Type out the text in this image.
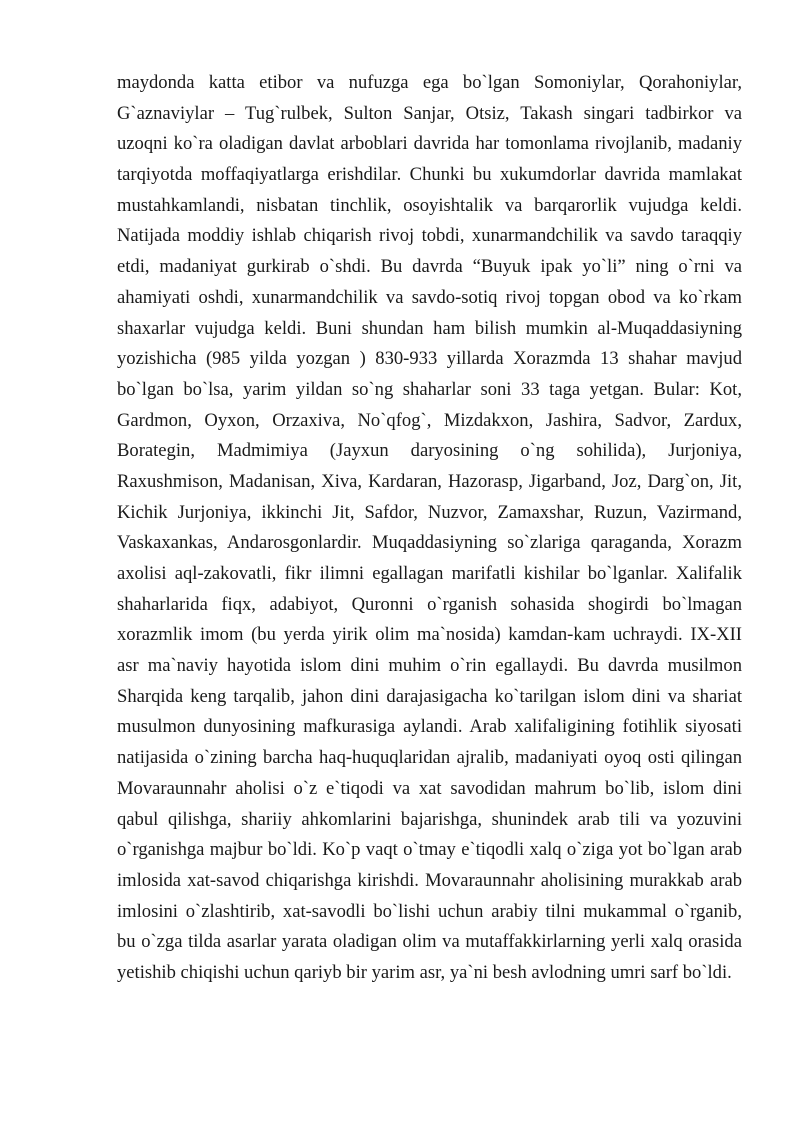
maydonda katta etibor va nufuzga ega bo`lgan Somoniylar, Qorahoniylar,
G`aznaviylar – Tug`rulbek, Sulton Sanjar, Otsiz, Takash singari tadbirkor va
uzoqni ko`ra oladigan davlat arboblari davrida har tomonlama rivojlanib, madaniy
tarqiyotda moffaqiyatlarga erishdilar. Chunki bu xukumdorlar davrida mamlakat
mustahkamlandi, nisbatan tinchlik, osoyishtalik va barqarorlik vujudga keldi.
Natijada moddiy ishlab chiqarish rivoj tobdi, xunarmandchilik va savdo taraqqiy
etdi, madaniyat gurkirab o`shdi. Bu davrda “Buyuk ipak yo`li” ning o`rni va
ahamiyati oshdi, xunarmandchilik va savdo-sotiq rivoj topgan obod va ko`rkam
shaxarlar vujudga keldi. Buni shundan ham bilish mumkin al-Muqaddasiyning
yozishicha (985 yilda yozgan ) 830-933 yillarda Xorazmda 13 shahar mavjud
bo`lgan bo`lsa, yarim yildan so`ng shaharlar soni 33 taga yetgan. Bular: Kot,
Gardmon, Oyxon, Orzaxiva, No`qfog`, Mizdakxon, Jashira, Sadvor, Zardux,
Borategin, Madmimiya (Jayxun daryosining o`ng sohilida), Jurjoniya,
Raxushmison, Madanisan, Xiva, Kardaran, Hazorasp, Jigarband, Joz, Darg`on, Jit,
Kichik Jurjoniya, ikkinchi Jit, Safdor, Nuzvor, Zamaxshar, Ruzun, Vazirmand,
Vaskaxankas, Andarosgonlardir. Muqaddasiyning so`zlariga qaraganda, Xorazm
axolisi aql-zakovatli, fikr ilimni egallagan marifatli kishilar bo`lganlar. Xalifalik
shaharlarida fiqx, adabiyot, Quronni o`rganish sohasida shogirdi bo`lmagan
xorazmlik imom (bu yerda yirik olim ma`nosida) kamdan-kam uchraydi. IX-XII
asr ma`naviy hayotida islom dini muhim o`rin egallaydi. Bu davrda musilmon
Sharqida keng tarqalib, jahon dini darajasigacha ko`tarilgan islom dini va shariat
musulmon dunyosining mafkurasiga aylandi. Arab xalifaligining fotihlik siyosati
natijasida o`zining barcha haq-huquqlaridan ajralib, madaniyati oyoq osti qilingan
Movaraunnahr aholisi o`z e`tiqodi va xat savodidan mahrum bo`lib, islom dini
qabul qilishga, shariiy ahkomlarini bajarishga, shunindek arab tili va yozuvini
o`rganishga majbur bo`ldi. Ko`p vaqt o`tmay e`tiqodli xalq o`ziga yot bo`lgan arab
imlosida xat-savod chiqarishga kirishdi. Movaraunnahr aholisining murakkab arab
imlosini o`zlashtirib, xat-savodli bo`lishi uchun arabiy tilni mukammal o`rganib,
bu o`zga tilda asarlar yarata oladigan olim va mutaffakkirlarning yerli xalq orasida
yetishib chiqishi uchun qariyb bir yarim asr, ya`ni besh avlodning umri sarf bo`ldi.
